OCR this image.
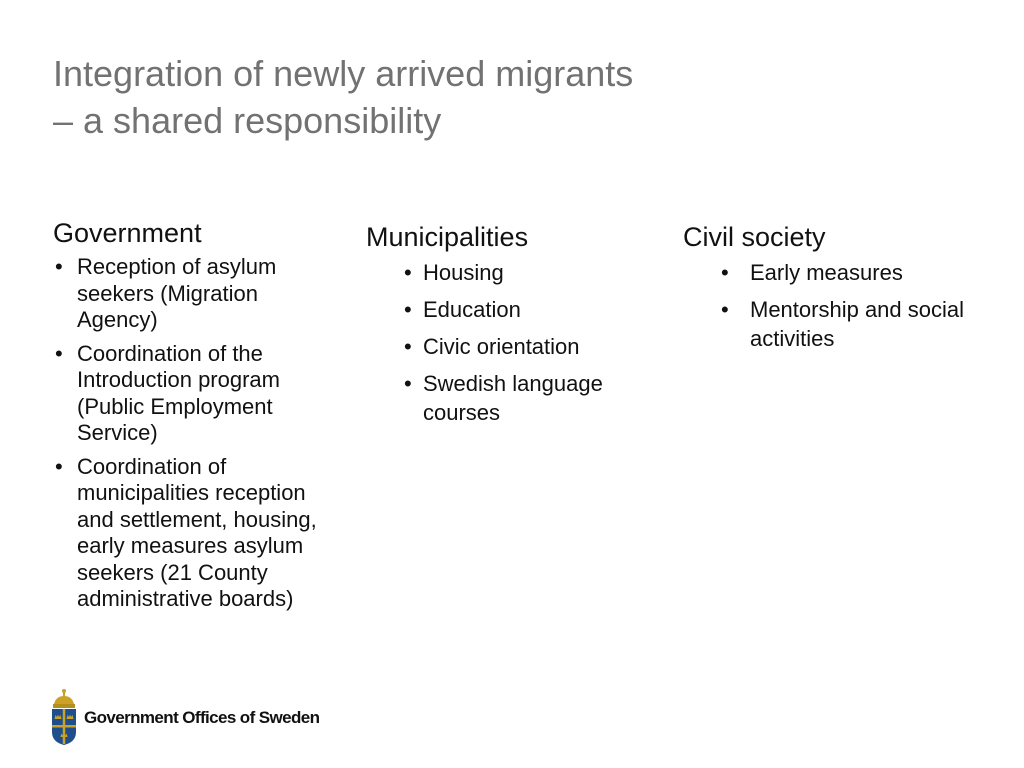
Integration of newly arrived migrants
– a shared responsibility
Government
• Reception of asylum seekers (Migration Agency)
• Coordination of the Introduction program (Public Employment Service)
• Coordination of municipalities reception and settlement, housing, early measures asylum seekers (21 County administrative boards)
Municipalities
• Housing
• Education
• Civic orientation
• Swedish language courses
Civil society
• Early measures
• Mentorship and social activities
Government Offices of Sweden
